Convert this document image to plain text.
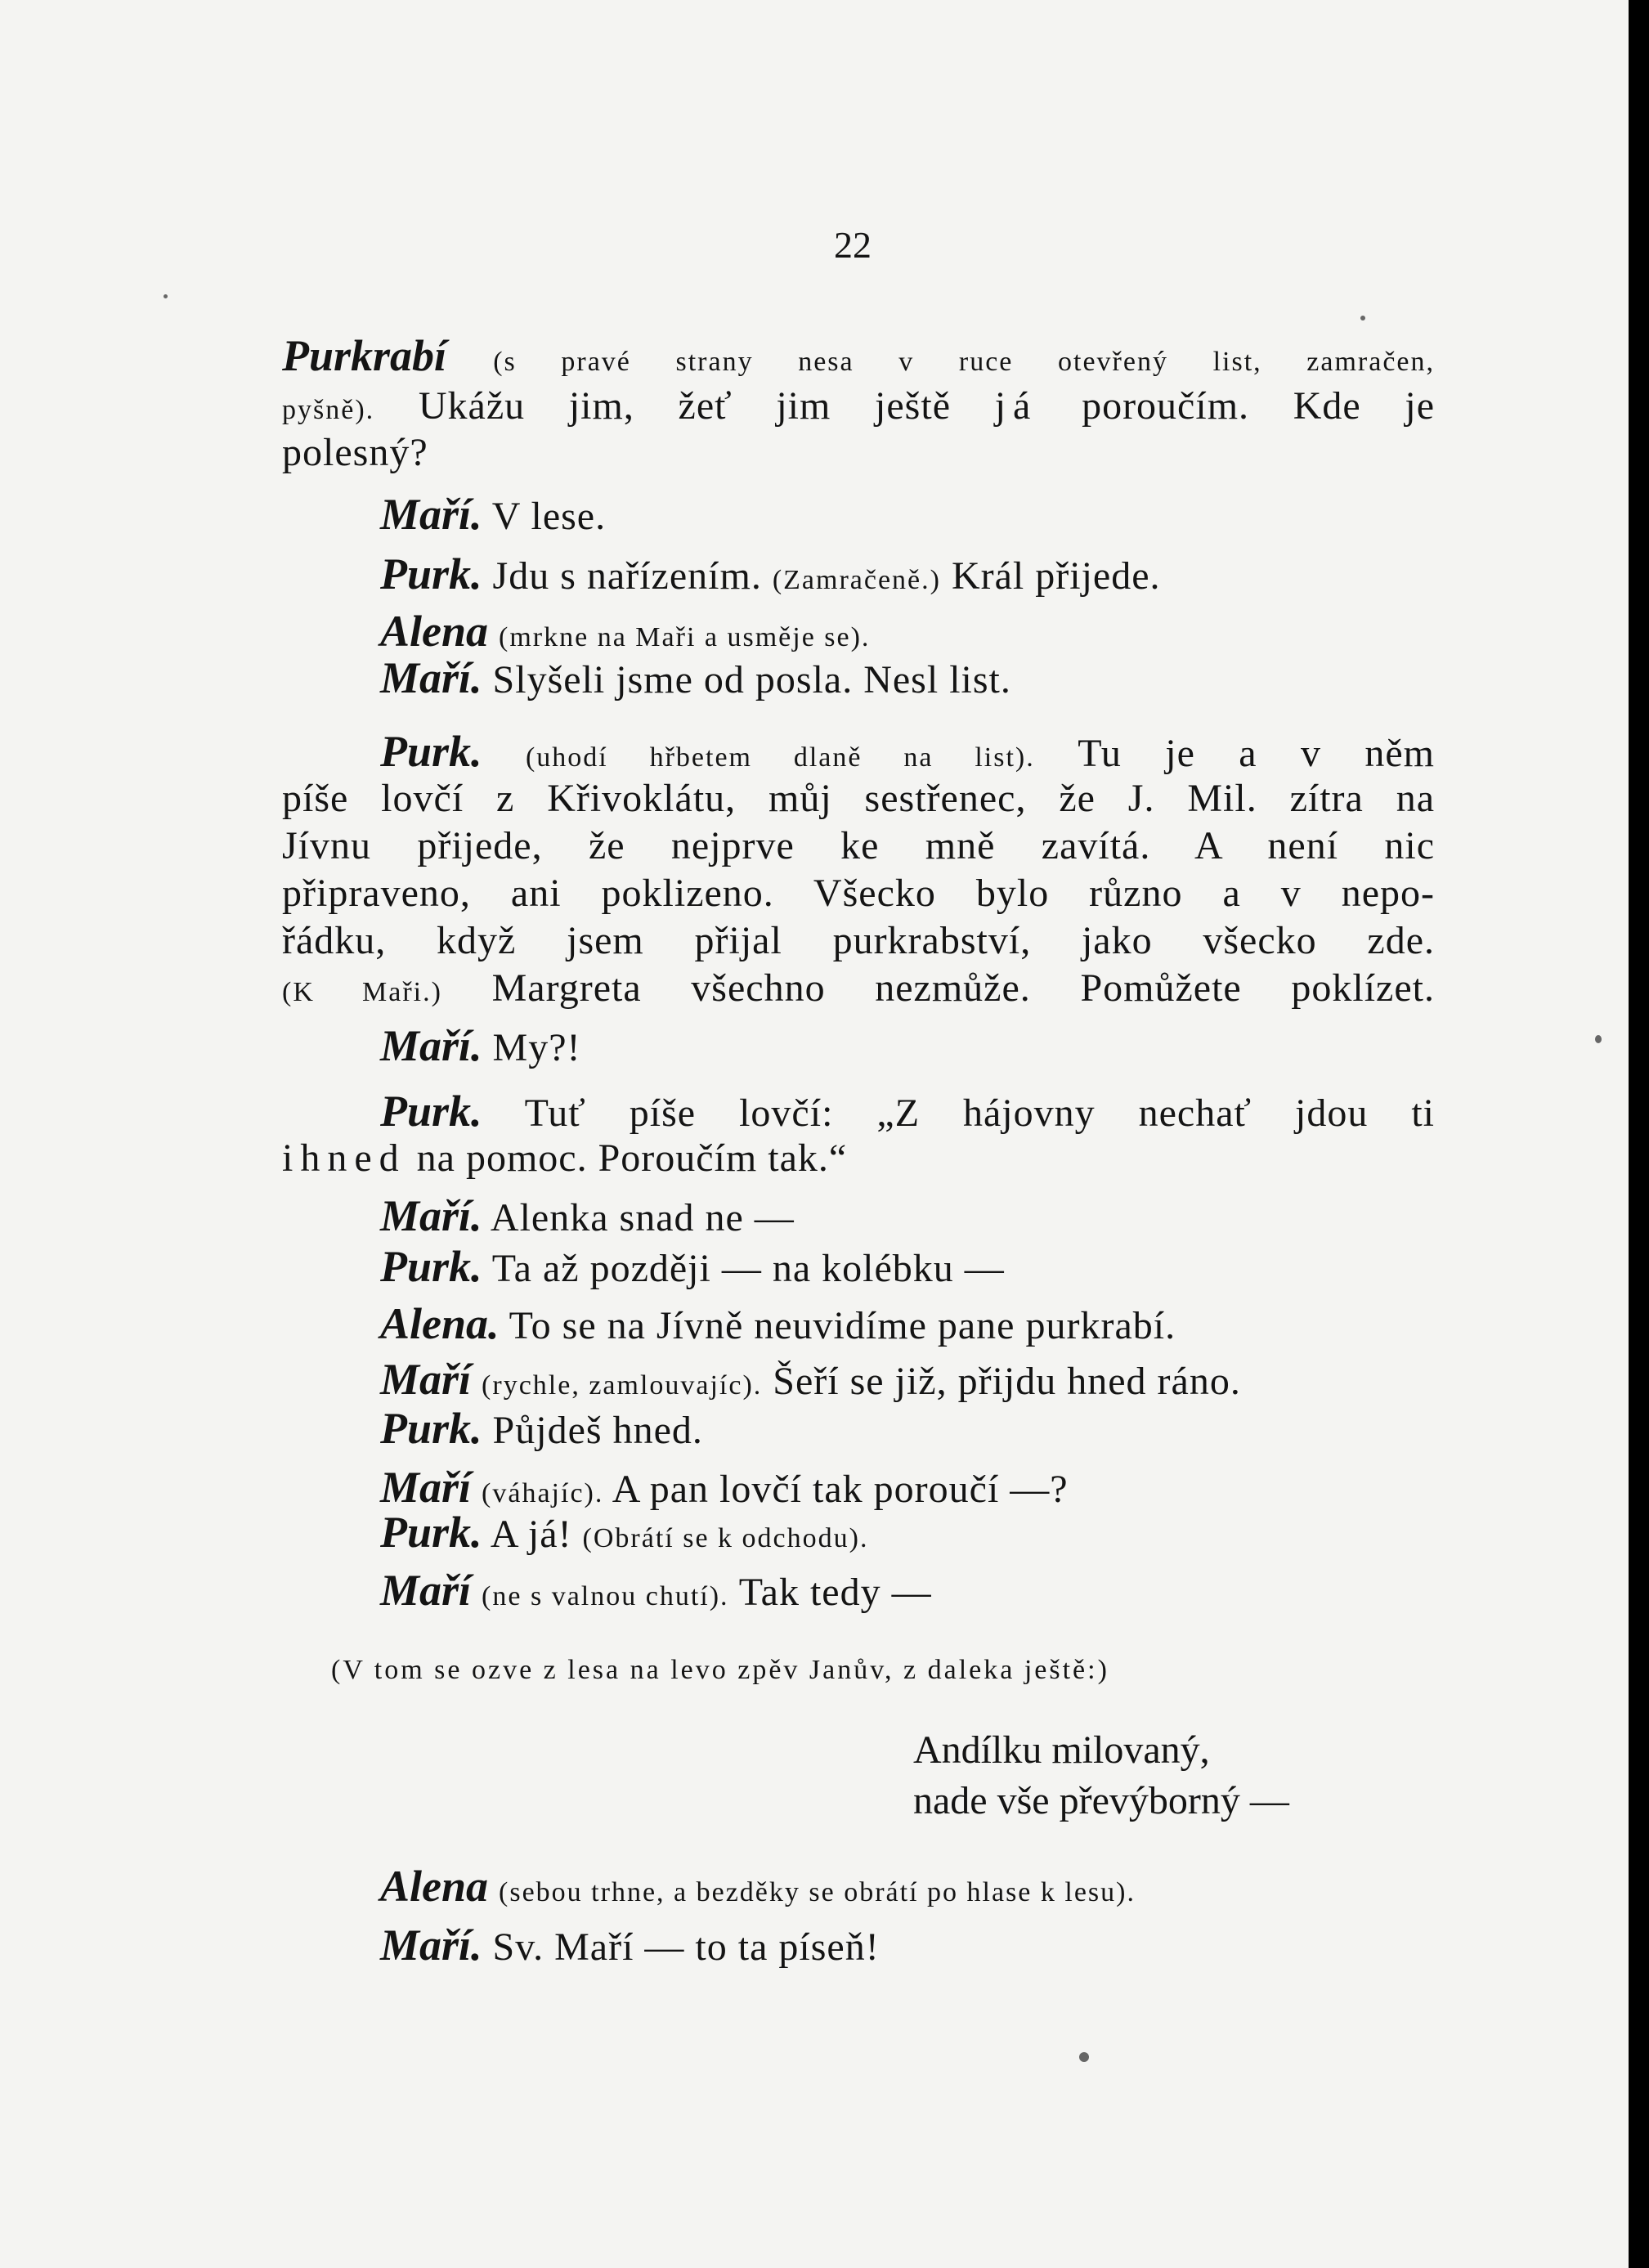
22
Purkrabí (s pravé strany nesa v ruce otevřený list, zamračen,
pyšně). Ukážu jim, žeť jim ještě já poroučím. Kde je
polesný?
Maří. V lese.
Purk. Jdu s nařízením. (Zamračeně.) Král přijede.
Alena (mrkne na Maři a usměje se).
Maří. Slyšeli jsme od posla. Nesl list.
Purk. (uhodí hřbetem dlaně na list). Tu je a v něm
píše lovčí z Křivoklátu, můj sestřenec, že J. Mil. zítra na
Jívnu přijede, že nejprve ke mně zavítá. A není nic
připraveno, ani poklizeno. Všecko bylo různo a v nepo-
řádku, když jsem přijal purkrabství, jako všecko zde.
(K Maři.) Margreta všechno nezmůže. Pomůžete poklízet.
Maří. My?!
Purk. Tuť píše lovčí: „Z hájovny nechať jdou ti
ihned na pomoc. Poroučím tak.“
Maří. Alenka snad ne —
Purk. Ta až později — na kolébku —
Alena. To se na Jívně neuvidíme pane purkrabí.
Maří (rychle, zamlouvajíc). Šeří se již, přijdu hned ráno.
Purk. Půjdeš hned.
Maří (váhajíc). A pan lovčí tak poroučí —?
Purk. A já! (Obrátí se k odchodu).
Maří (ne s valnou chutí). Tak tedy —
(V tom se ozve z lesa na levo zpěv Janův, z daleka ještě:)
Andílku milovaný,
nade vše převýborný —
Alena (sebou trhne, a bezděky se obrátí po hlase k lesu).
Maří. Sv. Maří — to ta píseň!
